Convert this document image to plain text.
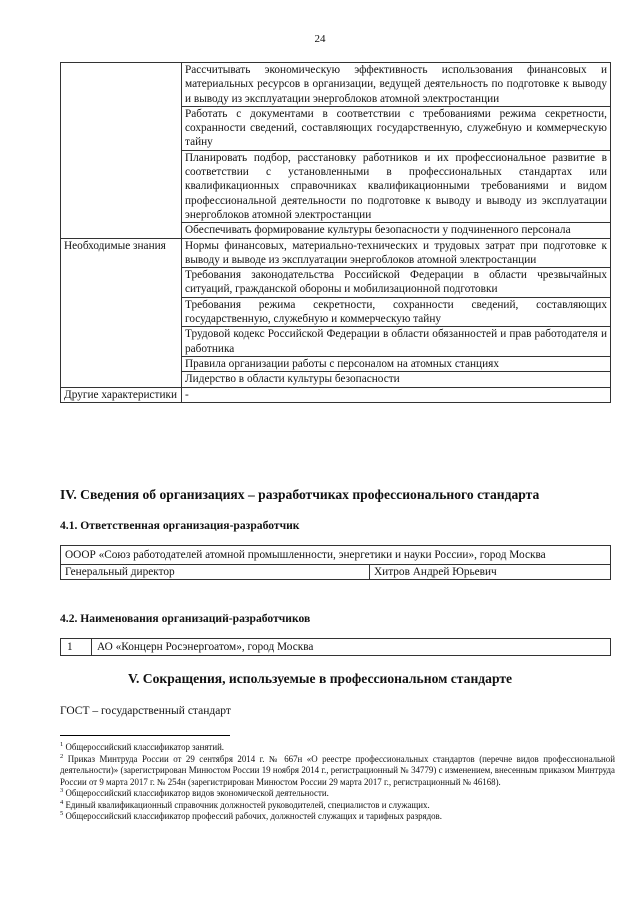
24
	Рассчитывать экономическую эффективность использования финансовых и материальных ресурсов в организации, ведущей деятельность по подготовке к выводу и выводу из эксплуатации энергоблоков атомной электростанции
	Работать с документами в соответствии с требованиями режима секретности, сохранности сведений, составляющих государственную, служебную и коммерческую тайну
	Планировать подбор, расстановку работников и их профессиональное развитие в соответствии с установленными в профессиональных стандартах или квалификационных справочниках квалификационными требованиями и видом профессиональной деятельности по подготовке к выводу и выводу из эксплуатации энергоблоков атомной электростанции
	Обеспечивать формирование культуры безопасности у подчиненного персонала
Необходимые знания	Нормы финансовых, материально-технических и трудовых затрат при подготовке к выводу и выводе из эксплуатации энергоблоков атомной электростанции
	Требования законодательства Российской Федерации в области чрезвычайных ситуаций, гражданской обороны и мобилизационной подготовки
	Требования режима секретности, сохранности сведений, составляющих государственную, служебную и коммерческую тайну
	Трудовой кодекс Российской Федерации в области обязанностей и прав работодателя и работника
	Правила организации работы с персоналом на атомных станциях
	Лидерство в области культуры безопасности
Другие характеристики	-
IV. Сведения об организациях – разработчиках профессионального стандарта
4.1. Ответственная организация-разработчик
ОООР «Союз работодателей атомной промышленности, энергетики и науки России», город Москва
Генеральный директор	Хитров Андрей Юрьевич
4.2. Наименования организаций-разработчиков
1	АО «Концерн Росэнергоатом», город Москва
V. Сокращения, используемые в профессиональном стандарте
ГОСТ – государственный стандарт

$^1$ Общероссийский классификатор занятий.

$^2$ Приказ Минтруда России от 29 сентября 2014 г. № 667н «О реестре профессиональных стандартов (перечне видов профессиональной деятельности)» (зарегистрирован Минюстом России 19 ноября 2014 г., регистрационный № 34779) с изменением, внесенным приказом Минтруда России от 9 марта 2017 г. № 254н (зарегистрирован Минюстом России 29 марта 2017 г., регистрационный № 46168).

$^3$ Общероссийский классификатор видов экономической деятельности.

$^4$ Единый квалификационный справочник должностей руководителей, специалистов и служащих.

$^5$ Общероссийский классификатор профессий рабочих, должностей служащих и тарифных разрядов.
